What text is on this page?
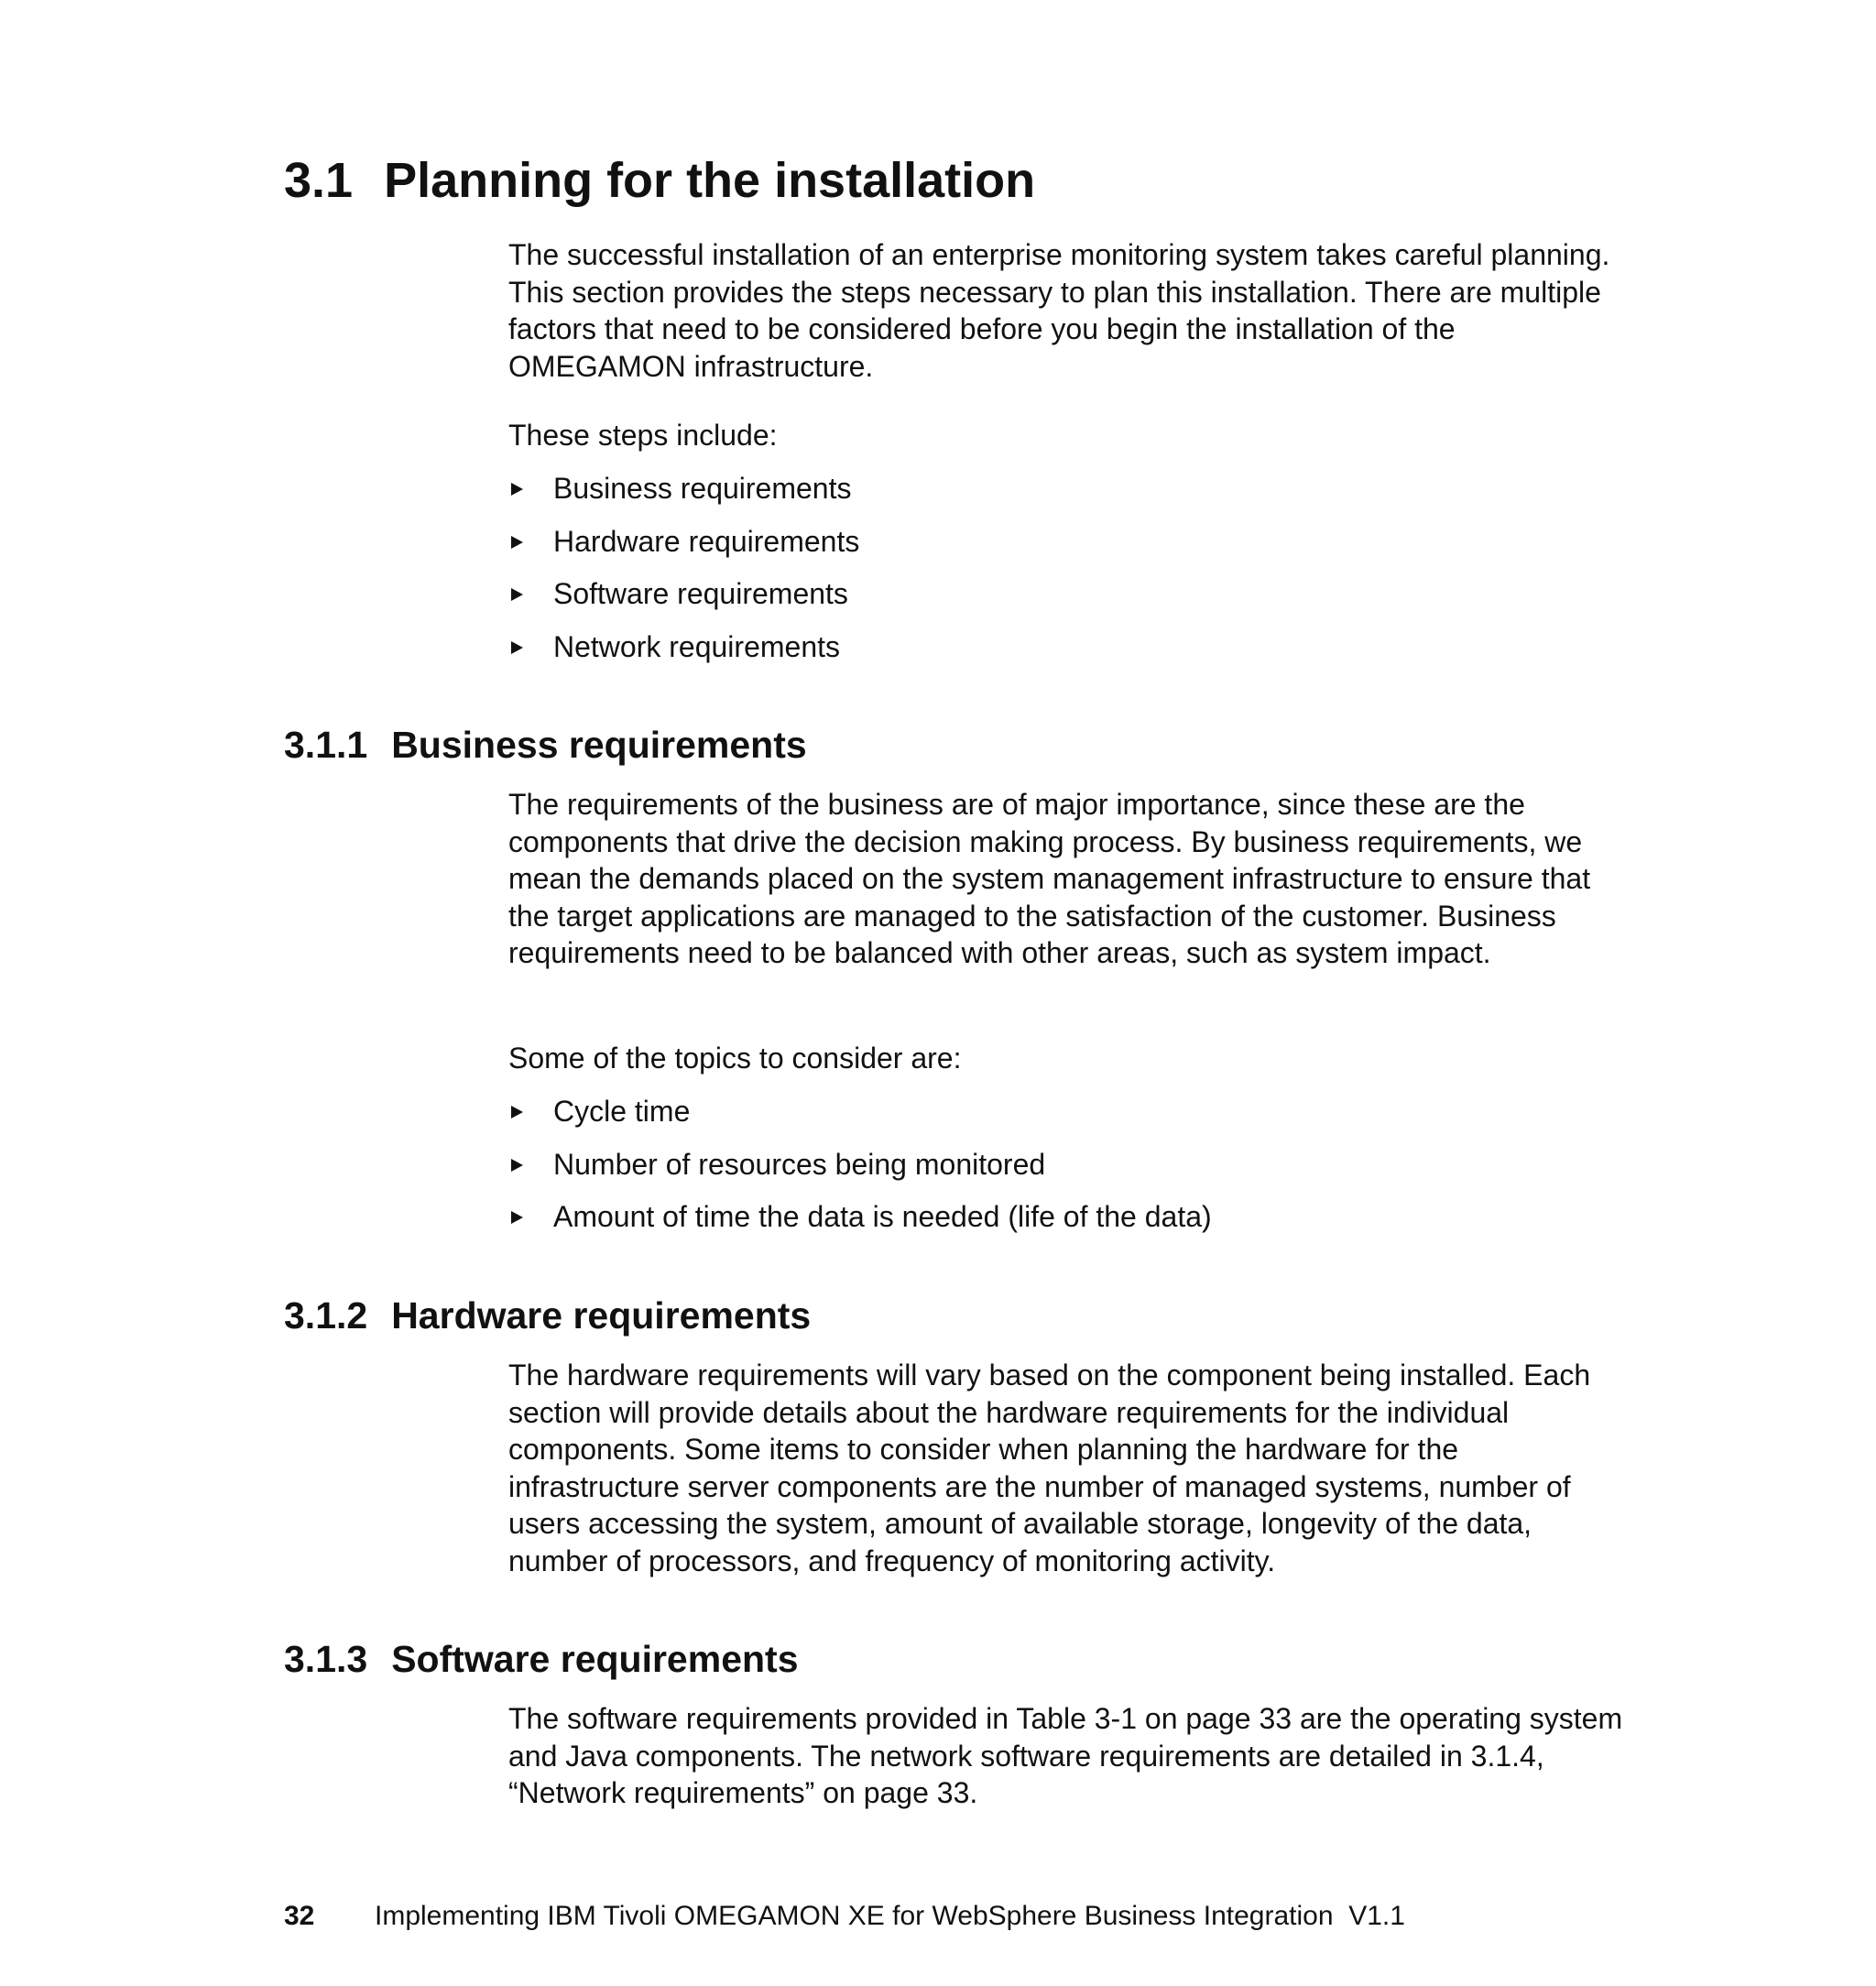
3.1 Planning for the installation

The successful installation of an enterprise monitoring system takes careful planning. This section provides the steps necessary to plan this installation. There are multiple factors that need to be considered before you begin the installation of the OMEGAMON infrastructure.

These steps include:

Business requirements
Hardware requirements
Software requirements
Network requirements
3.1.1 Business requirements

The requirements of the business are of major importance, since these are the components that drive the decision making process. By business requirements, we mean the demands placed on the system management infrastructure to ensure that the target applications are managed to the satisfaction of the customer. Business requirements need to be balanced with other areas, such as system impact.

Some of the topics to consider are:

Cycle time
Number of resources being monitored
Amount of time the data is needed (life of the data)
3.1.2 Hardware requirements

The hardware requirements will vary based on the component being installed. Each section will provide details about the hardware requirements for the individual components. Some items to consider when planning the hardware for the infrastructure server components are the number of managed systems, number of users accessing the system, amount of available storage, longevity of the data, number of processors, and frequency of monitoring activity.

3.1.3 Software requirements

The software requirements provided in Table 3-1 on page 33 are the operating system and Java components. The network software requirements are detailed in 3.1.4, “Network requirements” on page 33.

32 Implementing IBM Tivoli OMEGAMON XE for WebSphere Business Integration  V1.1
